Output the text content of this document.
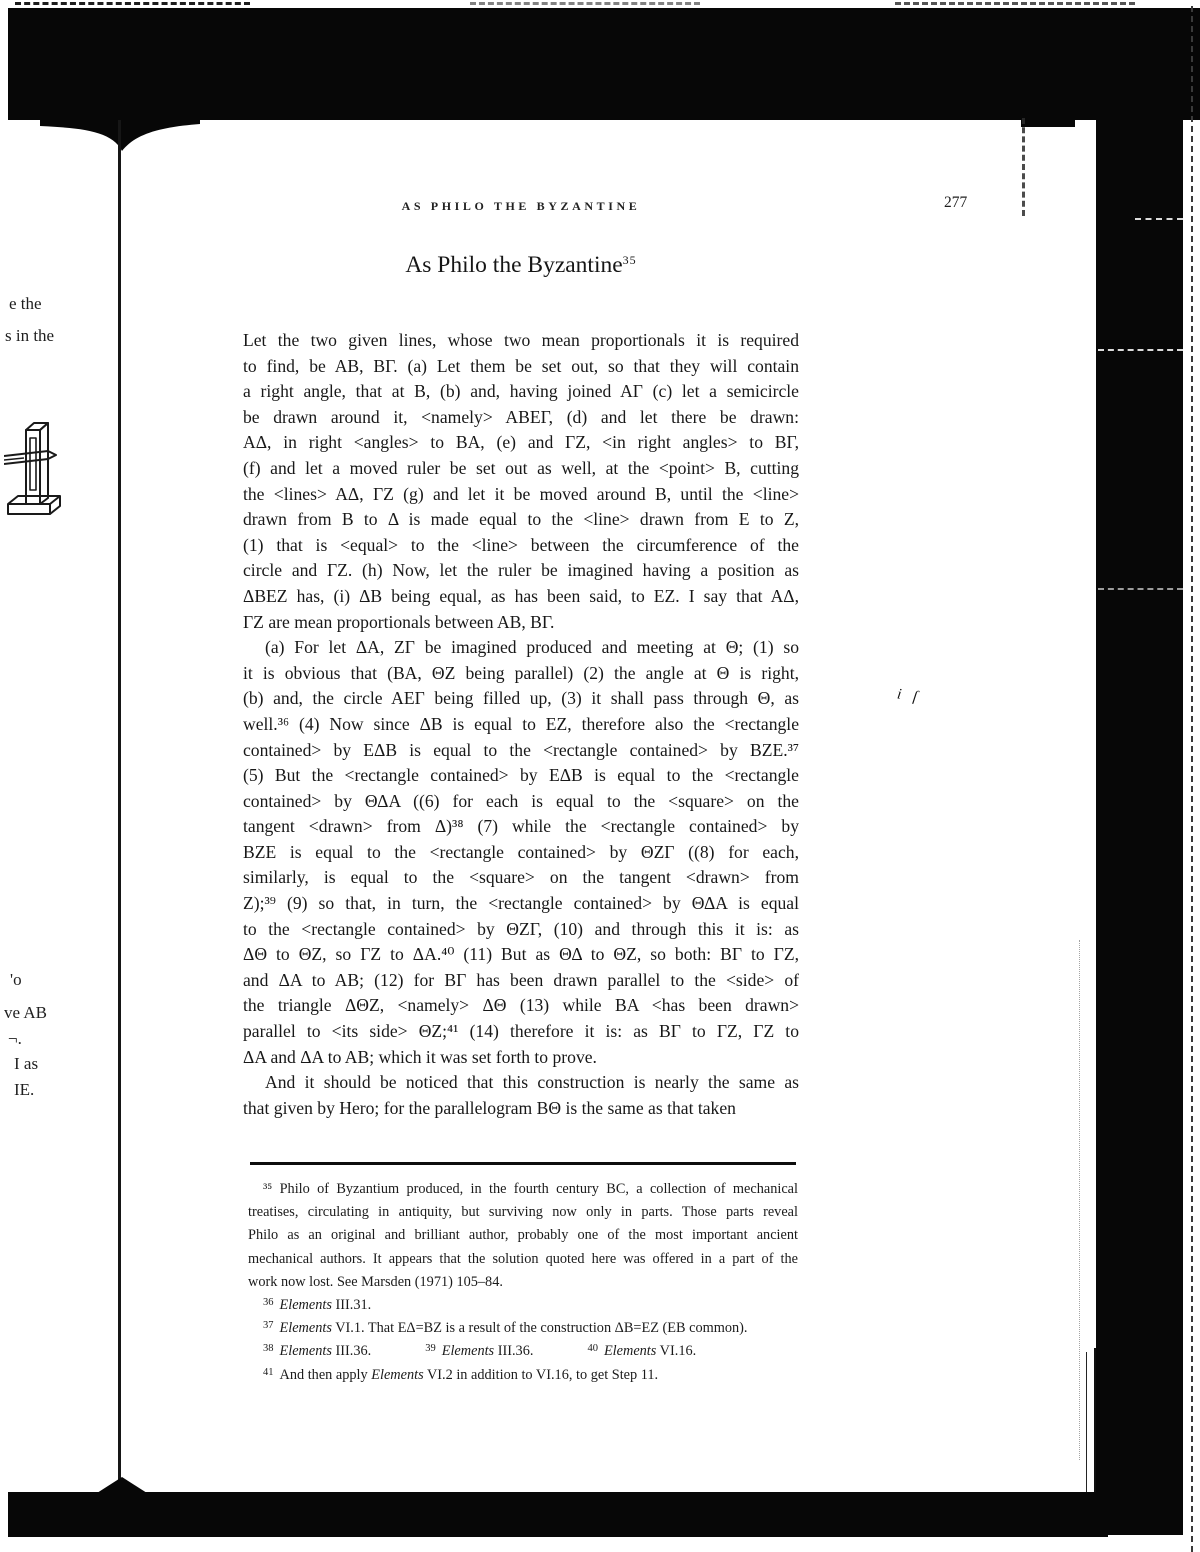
AS PHILO THE BYZANTINE	277
As Philo the Byzantine$^{35}$
Let the two given lines, whose two mean proportionals it is required
to find, be AB, BΓ. (a) Let them be set out, so that they will contain
a right angle, that at B, (b) and, having joined AΓ (c) let a semicircle
be drawn around it, <namely> ABEΓ, (d) and let there be drawn:
AΔ, in right <angles> to BA, (e) and ΓZ, <in right angles> to BΓ,
(f) and let a moved ruler be set out as well, at the <point> B, cutting
the <lines> AΔ, ΓZ (g) and let it be moved around B, until the <line>
drawn from B to Δ is made equal to the <line> drawn from E to Z,
(1) that is <equal> to the <line> between the circumference of the
circle and ΓZ. (h) Now, let the ruler be imagined having a position as
ΔBEZ has, (i) ΔB being equal, as has been said, to EZ. I say that AΔ,
ΓZ are mean proportionals between AB, BΓ.
(a) For let ΔA, ZΓ be imagined produced and meeting at Θ; (1) so
it is obvious that (BA, ΘZ being parallel) (2) the angle at Θ is right,
(b) and, the circle AEΓ being filled up, (3) it shall pass through Θ, as
well.³⁶ (4) Now since ΔB is equal to EZ, therefore also the <rectangle
contained> by EΔB is equal to the <rectangle contained> by BZE.³⁷
(5) But the <rectangle contained> by EΔB is equal to the <rectangle
contained> by ΘΔA ((6) for each is equal to the <square> on the
tangent <drawn> from Δ)³⁸ (7) while the <rectangle contained> by
BZE is equal to the <rectangle contained> by ΘZΓ ((8) for each,
similarly, is equal to the <square> on the tangent <drawn> from
Z);³⁹ (9) so that, in turn, the <rectangle contained> by ΘΔA is equal
to the <rectangle contained> by ΘZΓ, (10) and through this it is: as
ΔΘ to ΘZ, so ΓZ to ΔA.⁴⁰ (11) But as ΘΔ to ΘZ, so both: BΓ to ΓZ,
and ΔA to AB; (12) for BΓ has been drawn parallel to the <side> of
the triangle ΔΘZ, <namely> ΔΘ (13) while BA <has been drawn>
parallel to <its side> ΘZ;⁴¹ (14) therefore it is: as BΓ to ΓZ, ΓZ to
ΔA and ΔA to AB; which it was set forth to prove.
And it should be noticed that this construction is nearly the same as
that given by Hero; for the parallelogram BΘ is the same as that taken
³⁵ Philo of Byzantium produced, in the fourth century BC, a collection of mechanical
treatises, circulating in antiquity, but surviving now only in parts. Those parts reveal
Philo as an original and brilliant author, probably one of the most important ancient
mechanical authors. It appears that the solution quoted here was offered in a part of the
work now lost. See Marsden (1971) 105–84.
$^{36}$ Elements III.31.
$^{37}$ Elements VI.1. That EΔ=BZ is a result of the construction ΔB=EZ (EB common).
$^{38}$ Elements III.36.	$^{39}$ Elements III.36.	$^{40}$ Elements VI.16.
$^{41}$ And then apply Elements VI.2 in addition to VI.16, to get Step 11.
e the
s in the
'o
ve AB
¬.
I as
IE.
i ſ
